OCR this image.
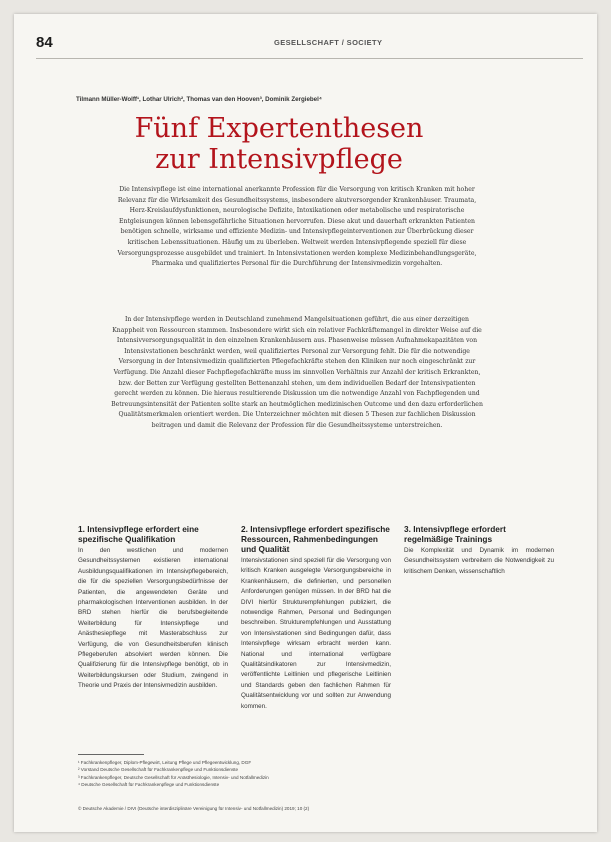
84	GESELLSCHAFT / SOCIETY
Tilmann Müller-Wolff¹, Lothar Ulrich², Thomas van den Hooven³, Dominik Zergiebel⁴
Fünf Expertenthesen
zur Intensivpflege

Die Intensivpflege ist eine international anerkannte Profession für die Versorgung von kritisch Kranken mit hoher Relevanz für die Wirksamkeit des Gesundheitssystems, insbesondere akutversorgender Krankenhäuser. Traumata, Herz-Kreislaufdysfunktionen, neurologische Defizite, Intoxikationen oder metabolische und respiratorische Entgleisungen können lebensgefährliche Situationen hervorrufen. Diese akut und dauerhaft erkrankten Patienten benötigen schnelle, wirksame und effiziente Medizin- und Intensivpflegeinterventionen zur Überbrückung dieser kritischen Lebenssituationen. Häufig um zu überleben. Weltweit werden Intensivpflegende speziell für diese Versorgungsprozesse ausgebildet und trainiert. In Intensivstationen werden komplexe Medizinbehandlungsgeräte, Pharmaka und qualifiziertes Personal für die Durchführung der Intensivmedizin vorgehalten.

In der Intensivpflege werden in Deutschland zunehmend Mangelsituationen geführt, die aus einer derzeitigen Knappheit von Ressourcen stammen. Insbesondere wirkt sich ein relativer Fachkräftemangel in direkter Weise auf die Intensivversorgungsqualität in den einzelnen Krankenhäusern aus. Phasenweise müssen Aufnahmekapazitäten von Intensivstationen beschränkt werden, weil qualifiziertes Personal zur Versorgung fehlt. Die für die notwendige Versorgung in der Intensivmedizin qualifizierten Pflegefachkräfte stehen den Kliniken nur noch eingeschränkt zur Verfügung. Die Anzahl dieser Fachpflegefachkräfte muss im sinnvollen Verhältnis zur Anzahl der kritisch Erkrankten, bzw. der Betten zur Verfügung gestellten Bettenanzahl stehen, um dem individuellen Bedarf der Intensivpatienten gerecht werden zu können. Die hieraus resultierende Diskussion um die notwendige Anzahl von Fachpflegenden und Betreuungsintensität der Patienten sollte stark an heutmöglichen medizinischen Outcome und den dazu erforderlichen Qualitätsmerkmalen orientiert werden. Die Unterzeichner möchten mit diesen 5 Thesen zur fachlichen Diskussion beitragen und damit die Relevanz der Profession für die Gesundheitssysteme unterstreichen.

1. Intensivpflege erfordert eine spezifische Qualifikation

In den westlichen und modernen Gesundheitssystemen existieren international Ausbildungsqualifikationen im Intensivpflegebereich, die für die speziellen Versorgungsbedürfnisse der Patienten, die angewendeten Geräte und pharmakologischen Interventionen ausbilden. In der BRD stehen hierfür die berufsbegleitende Weiterbildung für Intensivpflege und Anästhesiepflege mit Masterabschluss zur Verfügung, die von Gesundheitsberufen klinisch Pflegeberufen absolviert werden können. Die Qualifizierung für die Intensivpflege benötigt, ob in Weiterbildungskursen oder Studium, zwingend in Theorie und Praxis der Intensivmedizin ausbilden.

2. Intensivpflege erfordert spezifische Ressourcen, Rahmenbedingungen und Qualität

Intensivstationen sind speziell für die Versorgung von kritisch Kranken ausgelegte Versorgungsbereiche in Krankenhäusern, die definierten, und personellen Anforderungen genügen müssen. In der BRD hat die DIVI hierfür Strukturempfehlungen publiziert, die notwendige Rahmen, Personal und Bedingungen beschreiben. Strukturempfehlungen und Ausstattung von Intensivstationen sind Bedingungen dafür, dass Intensivpflege wirksam erbracht werden kann. National und international verfügbare Qualitätsindikatoren zur Intensivmedizin, veröffentlichte Leitlinien und pflegerische Leitlinien und Standards geben den fachlichen Rahmen für Qualitätsentwicklung vor und sollten zur Anwendung kommen.

3. Intensivpflege erfordert regelmäßige Trainings

Die Komplexität und Dynamik im modernen Gesundheitssystem verbreitern die Notwendigkeit zu kritischem Denken, wissenschaftlich

¹ Fachkrankenpfleger, Diplom-Pflegewirt, Leitung Pflege und Pflegeentwicklung, DGF
² Vorstand Deutsche Gesellschaft für Fachkrankenpflege und Funktionsdienste
³ Fachkrankenpfleger, Deutsche Gesellschaft für Anästhesiologie, Intensiv- und Notfallmedizin
⁴ Deutsche Gesellschaft für Fachkrankenpflege und Funktionsdienste
© Deutsche Akademie / DIVI (Deutsche interdisziplinäre Vereinigung für Intensiv- und Notfallmedizin) 2019; 10 (2)
